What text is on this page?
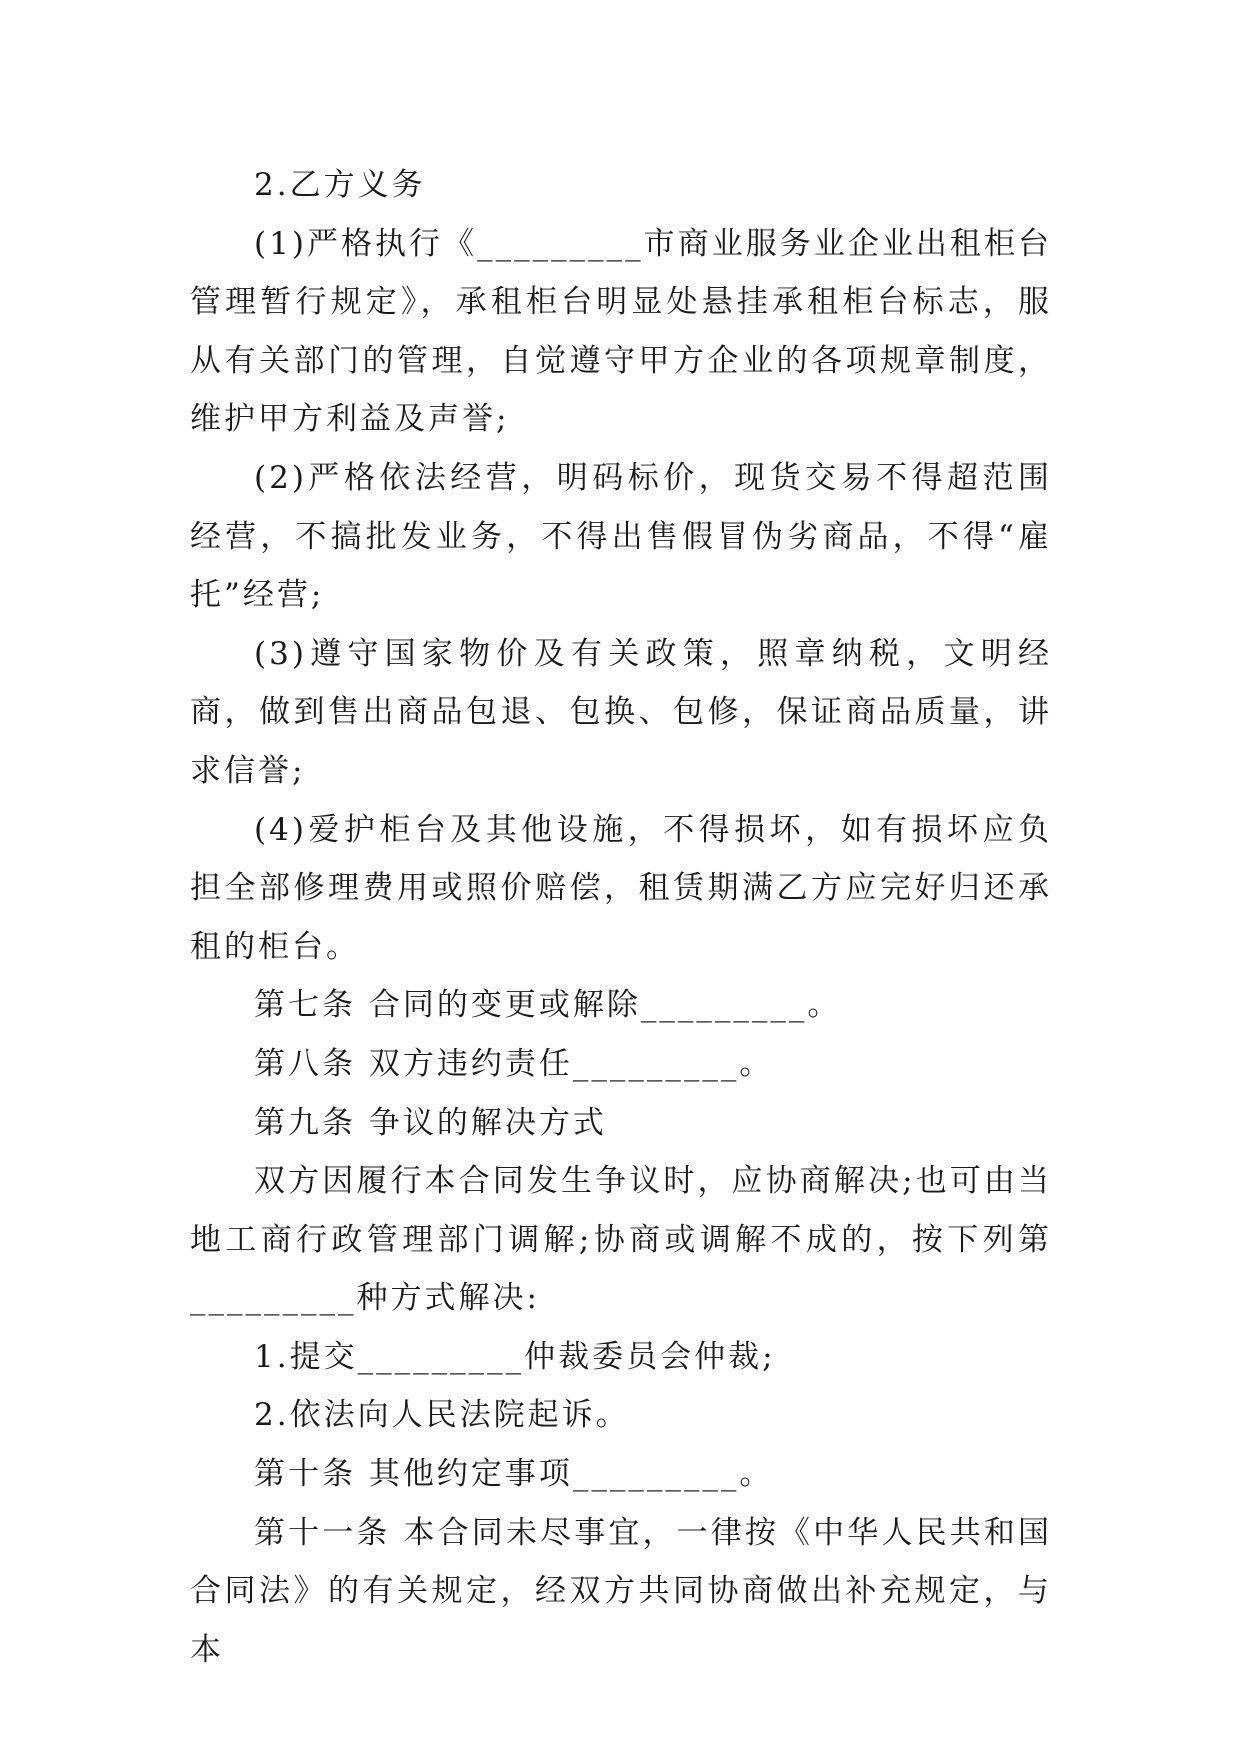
2.乙方义务

(1)严格执行《_________市商业服务业企业出租柜台管理暂行规定》，承租柜台明显处悬挂承租柜台标志，服从有关部门的管理，自觉遵守甲方企业的各项规章制度，维护甲方利益及声誉;

(2)严格依法经营，明码标价，现货交易不得超范围经营，不搞批发业务，不得出售假冒伪劣商品，不得“雇托”经营;

(3)遵守国家物价及有关政策，照章纳税，文明经商，做到售出商品包退、包换、包修，保证商品质量，讲求信誉;

(4)爱护柜台及其他设施，不得损坏，如有损坏应负担全部修理费用或照价赔偿，租赁期满乙方应完好归还承租的柜台。

第七条 合同的变更或解除_________。

第八条 双方违约责任_________。

第九条 争议的解决方式

双方因履行本合同发生争议时，应协商解决;也可由当地工商行政管理部门调解;协商或调解不成的，按下列第_________种方式解决:

1.提交_________仲裁委员会仲裁;

2.依法向人民法院起诉。

第十条 其他约定事项_________。

第十一条 本合同未尽事宜，一律按《中华人民共和国合同法》的有关规定，经双方共同协商做出补充规定，与本
